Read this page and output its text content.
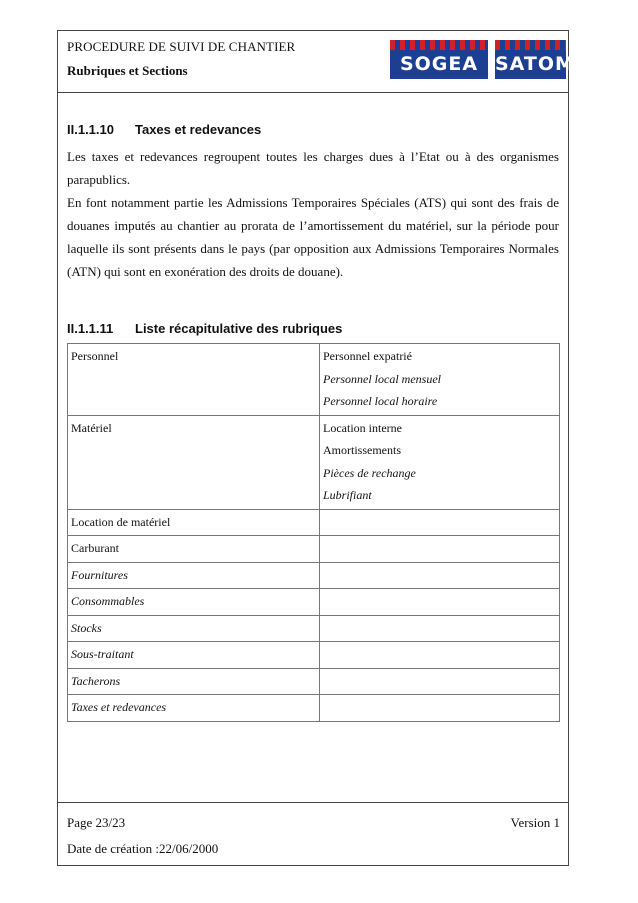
PROCEDURE DE SUIVI DE CHANTIER
Rubriques et Sections	SOGEA SATOM
II.1.1.10 Taxes et redevances

Les taxes et redevances regroupent toutes les charges dues à l’Etat ou à des organismes parapublics.

En font notamment partie les Admissions Temporaires Spéciales (ATS) qui sont des frais de douanes imputés au chantier au prorata de l’amortissement du matériel, sur la période pour laquelle ils sont présents dans le pays (par opposition aux Admissions Temporaires Normales (ATN) qui sont en exonération des droits de douane).

II.1.1.11 Liste récapitulative des rubriques
Personnel	Personnel expatrié
Personnel local mensuel
Personnel local horaire

Matériel	Location interne
Amortissements
Pièces de rechange
Lubrifiant

Location de matériel	
Carburant	
Fournitures	
Consommables	
Stocks	
Sous-traitant	
Tacherons	
Taxes et redevances	
Page 23/23	Version 1
Date de création :22/06/2000
